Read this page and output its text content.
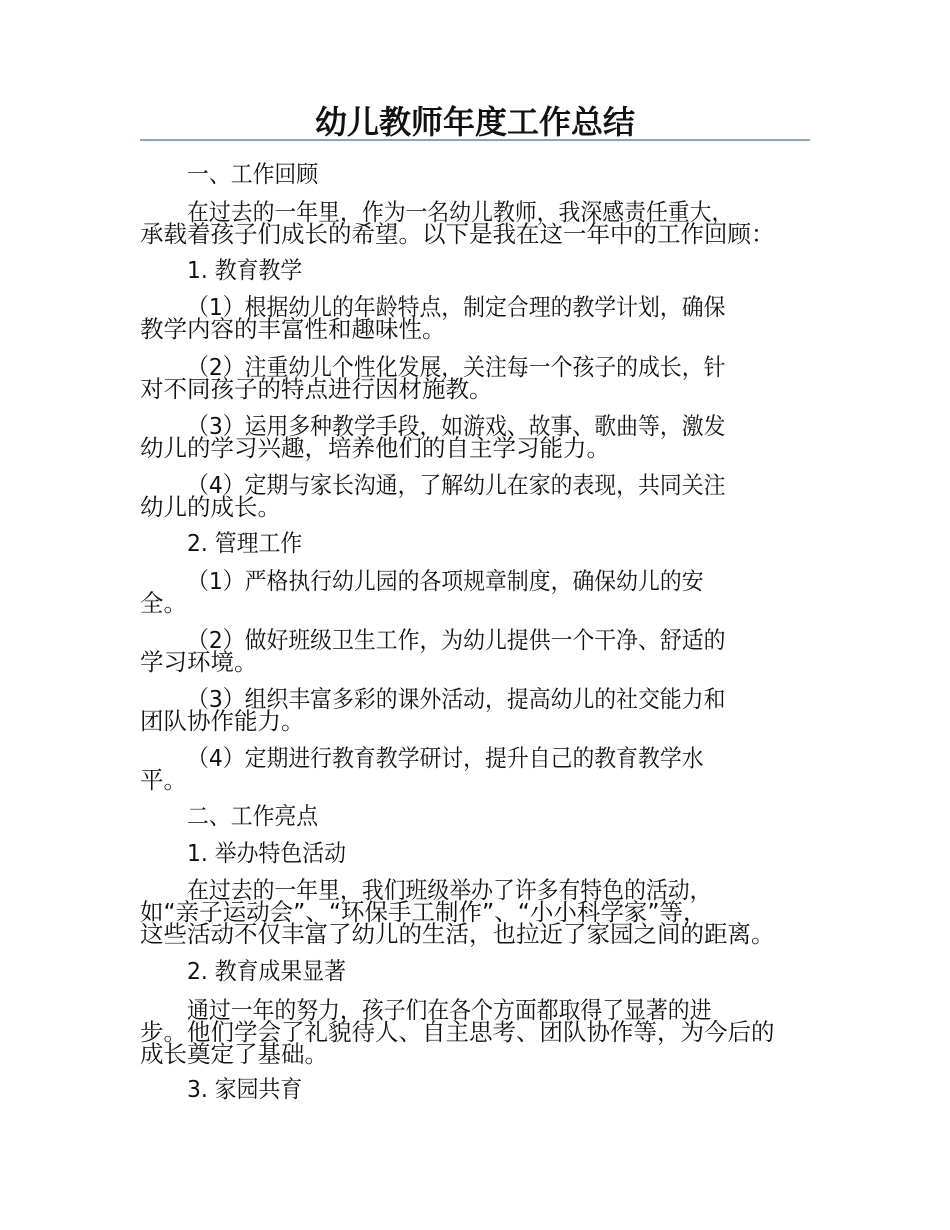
幼儿教师年度工作总结
一、工作回顾
在过去的一年里，作为一名幼儿教师，我深感责任重大，
承载着孩子们成长的希望。以下是我在这一年中的工作回顾：
1. 教育教学
（1）根据幼儿的年龄特点，制定合理的教学计划，确保
教学内容的丰富性和趣味性。
（2）注重幼儿个性化发展，关注每一个孩子的成长，针
对不同孩子的特点进行因材施教。
（3）运用多种教学手段，如游戏、故事、歌曲等，激发
幼儿的学习兴趣，培养他们的自主学习能力。
（4）定期与家长沟通，了解幼儿在家的表现，共同关注
幼儿的成长。
2. 管理工作
（1）严格执行幼儿园的各项规章制度，确保幼儿的安
全。
（2）做好班级卫生工作，为幼儿提供一个干净、舒适的
学习环境。
（3）组织丰富多彩的课外活动，提高幼儿的社交能力和
团队协作能力。
（4）定期进行教育教学研讨，提升自己的教育教学水
平。
二、工作亮点
1. 举办特色活动
在过去的一年里，我们班级举办了许多有特色的活动，
如“亲子运动会”、“环保手工制作”、“小小科学家”等，
这些活动不仅丰富了幼儿的生活，也拉近了家园之间的距离。
2. 教育成果显著
通过一年的努力，孩子们在各个方面都取得了显著的进
步。他们学会了礼貌待人、自主思考、团队协作等，为今后的
成长奠定了基础。
3. 家园共育
